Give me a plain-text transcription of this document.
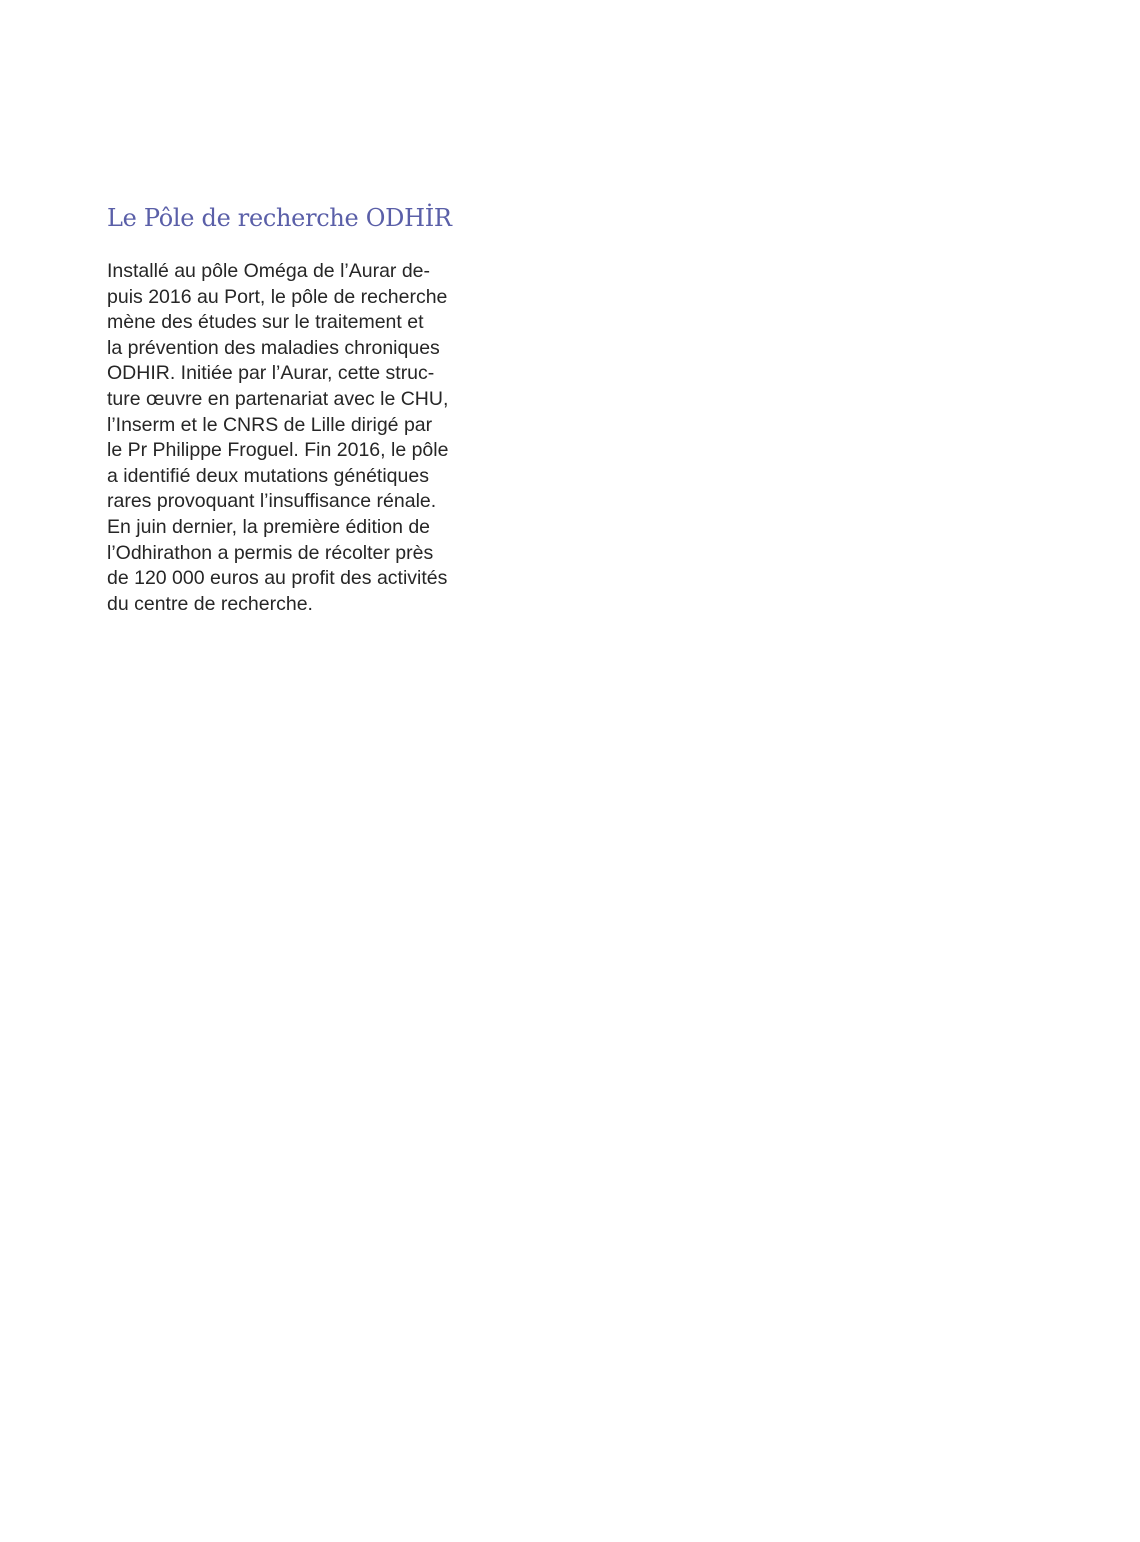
Le Pôle de recherche ODHİR

Installé au pôle Oméga de l’Aurar de-
puis 2016 au Port, le pôle de recherche
mène des études sur le traitement et
la prévention des maladies chroniques
ODHIR. Initiée par l’Aurar, cette struc-
ture œuvre en partenariat avec le CHU,
l’Inserm et le CNRS de Lille dirigé par
le Pr Philippe Froguel. Fin 2016, le pôle
a identifié deux mutations génétiques
rares provoquant l’insuffisance rénale.
En juin dernier, la première édition de
l’Odhirathon a permis de récolter près
de 120 000 euros au profit des activités
du centre de recherche.
